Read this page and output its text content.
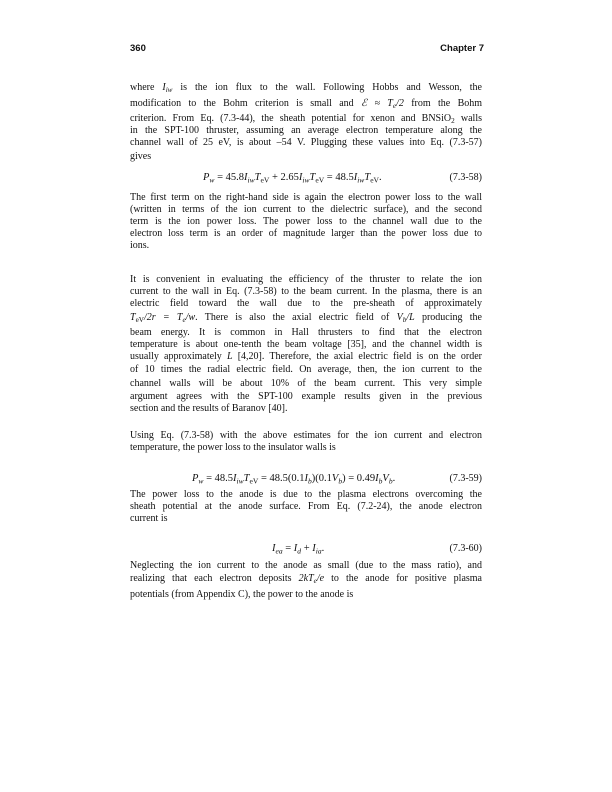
360	Chapter 7
where $I_{iw}$ is the ion flux to the wall. Following Hobbs and Wesson, the
modification to the Bohm criterion is small and ℰ ≈ $T_e/2$ from the Bohm
criterion. From Eq. (7.3-44), the sheath potential for xenon and BNSiO$_2$ walls
in the SPT-100 thruster, assuming an average electron temperature along the
channel wall of 25 eV, is about –54 V. Plugging these values into Eq. (7.3-57)
gives
$P_w = 45.8I_{iw}T_{eV} + 2.65I_{iw}T_{eV} = 48.5I_{iw}T_{eV}$.	(7.3-58)
The first term on the right-hand side is again the electron power loss to the wall
(written in terms of the ion current to the dielectric surface), and the second
term is the ion power loss. The power loss to the channel wall due to the
electron loss term is an order of magnitude larger than the power loss due to
ions.
It is convenient in evaluating the efficiency of the thruster to relate the ion
current to the wall in Eq. (7.3-58) to the beam current. In the plasma, there is an
electric field toward the wall due to the pre-sheath of approximately
$T_{eV}/2r = T_e/w$. There is also the axial electric field of $V_b/L$ producing the
beam energy. It is common in Hall thrusters to find that the electron
temperature is about one-tenth the beam voltage [35], and the channel width is
usually approximately L [4,20]. Therefore, the axial electric field is on the order
of 10 times the radial electric field. On average, then, the ion current to the
channel walls will be about 10% of the beam current. This very simple
argument agrees with the SPT-100 example results given in the previous
section and the results of Baranov [40].
Using Eq. (7.3-58) with the above estimates for the ion current and electron
temperature, the power loss to the insulator walls is
$P_w = 48.5I_{iw}T_{eV} = 48.5(0.1I_b)(0.1V_b) = 0.49I_bV_b$.	(7.3-59)
The power loss to the anode is due to the plasma electrons overcoming the
sheath potential at the anode surface. From Eq. (7.2-24), the anode electron
current is
$I_{ea} = I_d + I_{ia}$.	(7.3-60)
Neglecting the ion current to the anode as small (due to the mass ratio), and
realizing that each electron deposits $2kT_e/e$ to the anode for positive plasma
potentials (from Appendix C), the power to the anode is
